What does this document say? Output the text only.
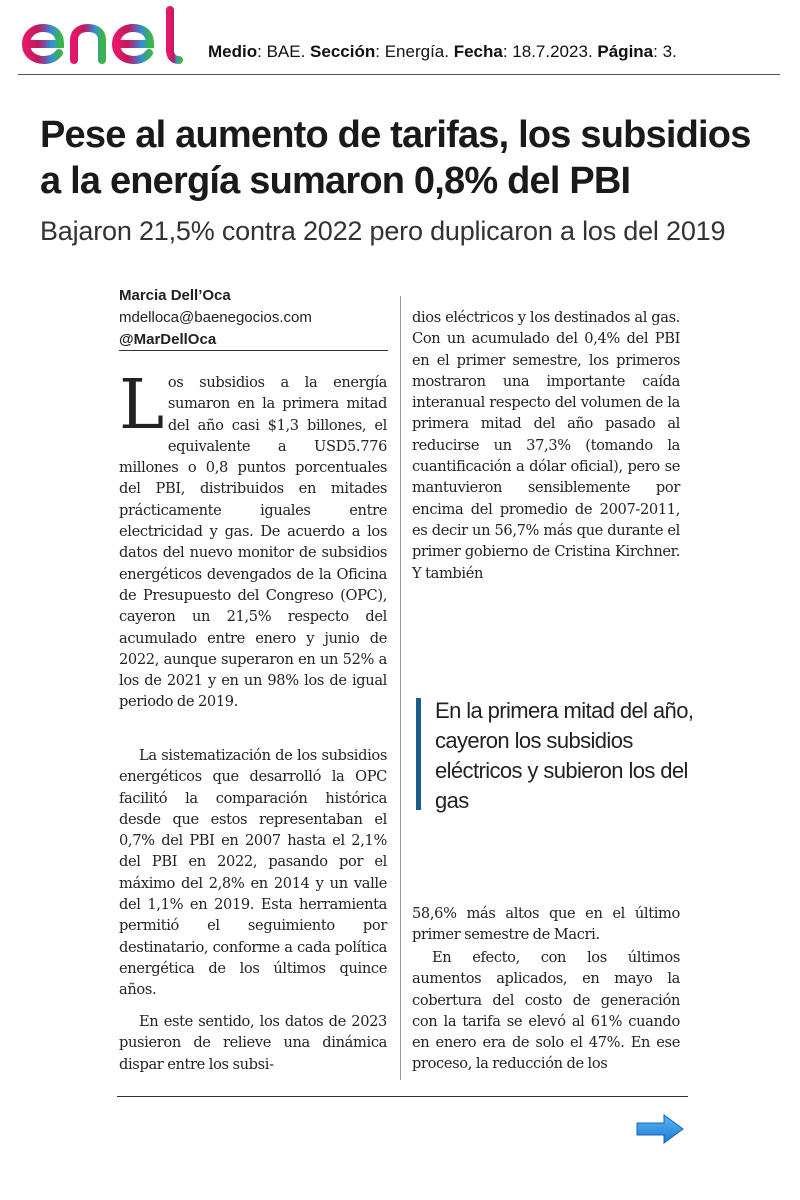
Medio: BAE. Sección: Energía. Fecha: 18.7.2023. Página: 3.
Pese al aumento de tarifas, los subsidios a la energía sumaron 0,8% del PBI
Bajaron 21,5% contra 2022 pero duplicaron a los del 2019
Marcia Dell’Oca
mdelloca@baenegocios.com
@MarDellOca

Los subsidios a la energía sumaron en la primera mitad del año casi $1,3 billones, el equivalente a USD5.776 millones o 0,8 puntos porcentuales del PBI, distribuidos en mitades prácticamente iguales entre electricidad y gas. De acuerdo a los datos del nuevo monitor de subsidios energéticos devengados de la Oficina de Presupuesto del Congreso (OPC), cayeron un 21,5% respecto del acumulado entre enero y junio de 2022, aunque superaron en un 52% a los de 2021 y en un 98% los de igual periodo de 2019.

La sistematización de los subsidios energéticos que desarrolló la OPC facilitó la comparación histórica desde que estos representaban el 0,7% del PBI en 2007 hasta el 2,1% del PBI en 2022, pasando por el máximo del 2,8% en 2014 y un valle del 1,1% en 2019. Esta herramienta permitió el seguimiento por destinatario, conforme a cada política energética de los últimos quince años.

En este sentido, los datos de 2023 pusieron de relieve una dinámica dispar entre los subsi-

dios eléctricos y los destinados al gas. Con un acumulado del 0,4% del PBI en el primer semestre, los primeros mostraron una importante caída interanual respecto del volumen de la primera mitad del año pasado al reducirse un 37,3% (tomando la cuantificación a dólar oficial), pero se mantuvieron sensiblemente por encima del promedio de 2007-2011, es decir un 56,7% más que durante el primer gobierno de Cristina Kirchner. Y también

En la primera mitad del año, cayeron los subsidios eléctricos y subieron los del gas

58,6% más altos que en el último primer semestre de Macri.

En efecto, con los últimos aumentos aplicados, en mayo la cobertura del costo de generación con la tarifa se elevó al 61% cuando en enero era de solo el 47%. En ese proceso, la reducción de los
